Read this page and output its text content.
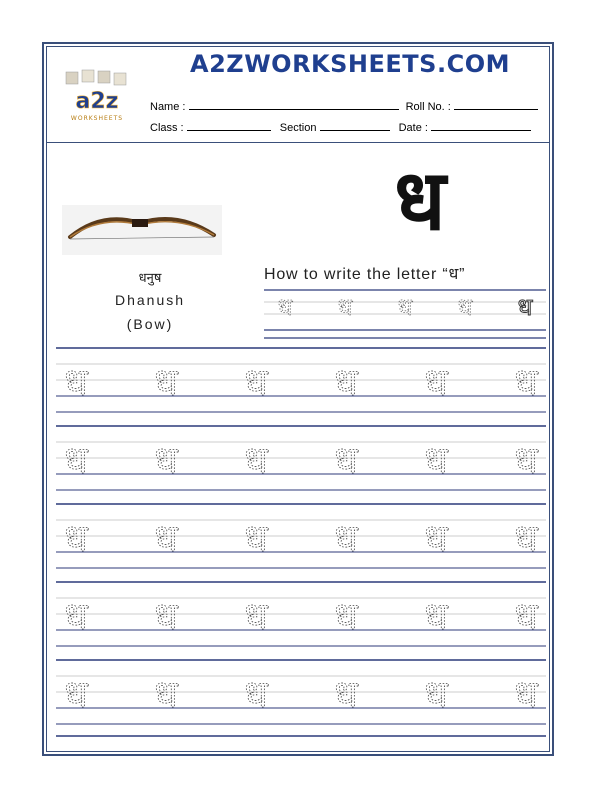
A2ZWORKSHEETS.COM
a2z
WORKSHEETS
Name :	Roll No. :
Class :	Section	Date :
धनुष
Dhanush
(Bow)
ध
How to write the letter “ध”
ध ध ध ध ध
ध ध ध ध ध ध
ध ध ध ध ध ध
ध ध ध ध ध ध
ध ध ध ध ध ध
ध ध ध ध ध ध
